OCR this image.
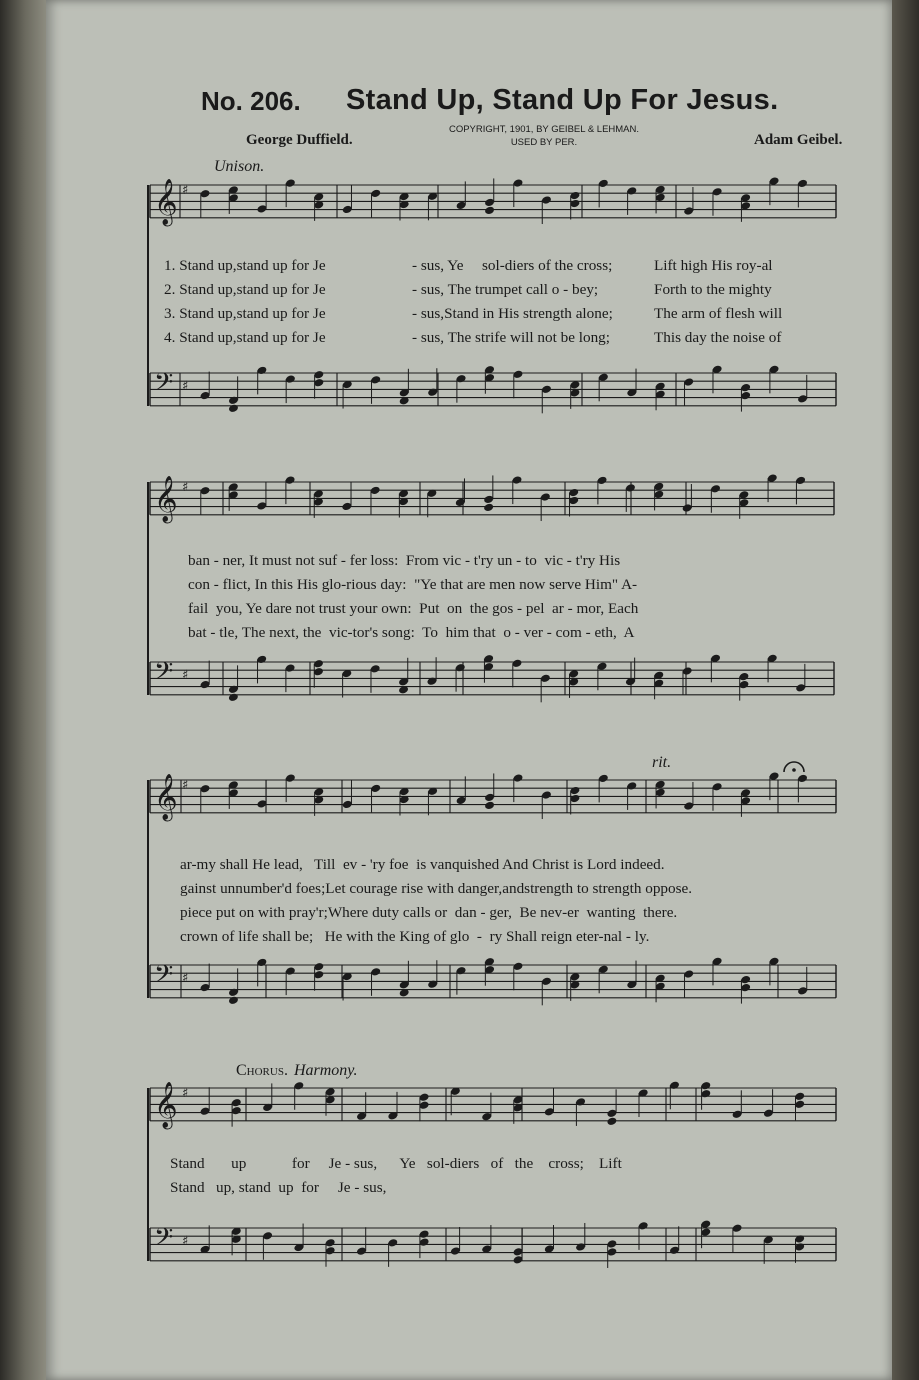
No. 206. Stand Up, Stand Up For Jesus.
George Duffield.
COPYRIGHT, 1901, BY GEIBEL & LEHMAN.
USED BY PER.	Adam Geibel.
𝄞 ♯
𝄢 ♯
𝄞 ♯
𝄢 ♯
𝄞 ♯
𝄢 ♯
𝄞 ♯
𝄢 ♯
Unison.
rit.
Chorus. Harmony.
1. Stand up,stand up for Je	- sus, Ye sol-diers of the cross;	Lift high His roy-al
2. Stand up,stand up for Je	- sus, The trumpet call o - bey;	Forth to the mighty
3. Stand up,stand up for Je	- sus,Stand in His strength alone;	The arm of flesh will
4. Stand up,stand up for Je	- sus, The strife will not be long;	This day the noise of
ban - ner, It must not suf - fer loss:  From vic - t'ry un - to  vic - t'ry His
con - flict, In this His glo-rious day:  "Ye that are men now serve Him" A-
fail  you, Ye dare not trust your own:  Put  on  the gos - pel  ar - mor, Each
bat - tle, The next, the  vic-tor's song:  To  him that  o - ver - com - eth,  A
ar-my shall He lead,   Till  ev - 'ry foe  is vanquished And Christ is Lord indeed.
gainst unnumber'd foes;Let courage rise with danger,andstrength to strength oppose.
piece put on with pray'r;Where duty calls or  dan - ger,  Be nev-er  wanting  there.
crown of life shall be;   He with the King of glo  -  ry Shall reign eter-nal - ly.
Stand       up            for     Je - sus,      Ye   sol-diers   of   the    cross;    Lift
Stand   up, stand  up  for     Je - sus,
